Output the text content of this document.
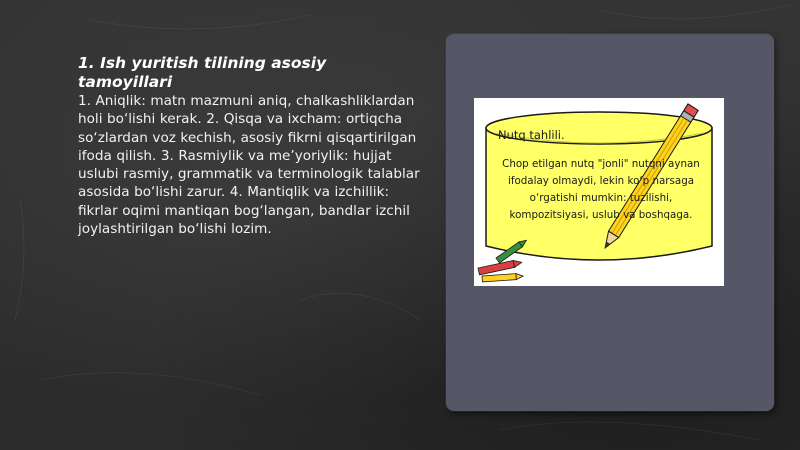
1. Ish yuritish tilining asosiy tamoyillari

1. Aniqlik: matn mazmuni aniq, chalkashliklardan holi bo‘lishi kerak. 2. Qisqa va ixcham: ortiqcha so‘zlardan voz kechish, asosiy fikrni qisqartirilgan ifoda qilish. 3. Rasmiylik va me’yoriylik: hujjat uslubi rasmiy, grammatik va terminologik talablar asosida bo‘lishi zarur. 4. Mantiqlik va izchillik: fikrlar oqimi mantiqan bog‘langan, bandlar izchil joylashtirilgan bo‘lishi lozim.

Nutq tahlili.

Chop etilgan nutq "jonli" nutqni aynan ifodalay olmaydi, lekin ko‘p narsaga o‘rgatishi mumkin: tuzilishi, kompozitsiyasi, uslub va boshqaga.
